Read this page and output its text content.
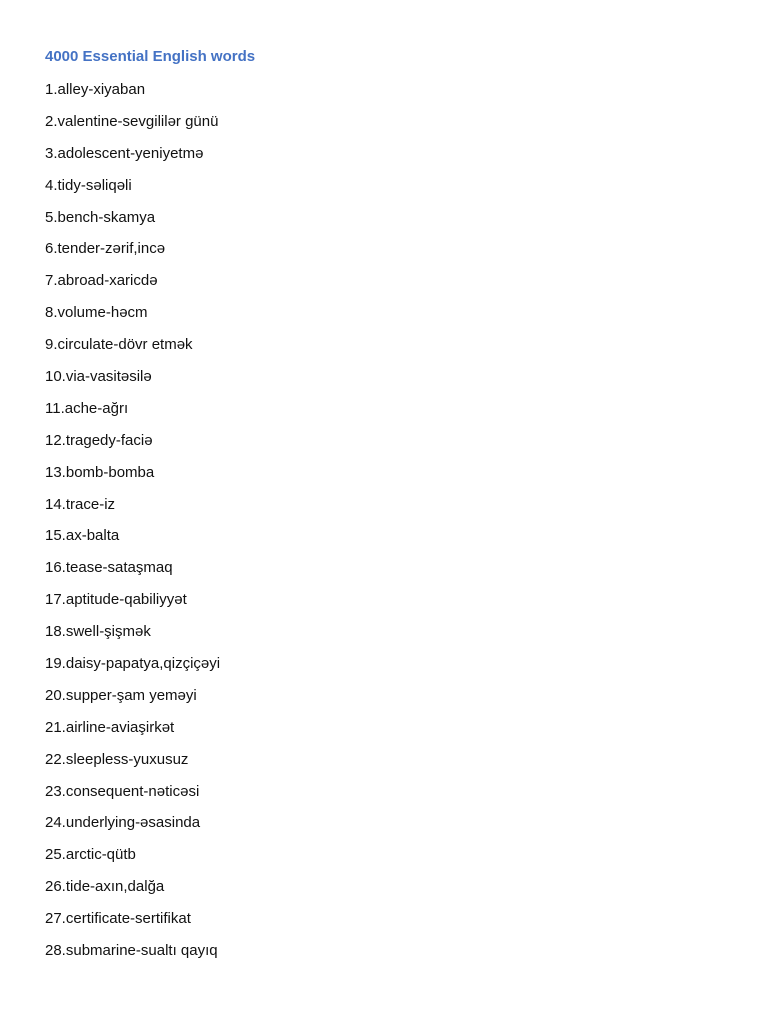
4000 Essential English words
1.alley-xiyaban
2.valentine-sevgililər günü
3.adolescent-yeniyetmə
4.tidy-səliqəli
5.bench-skamya
6.tender-zərif,incə
7.abroad-xaricdə
8.volume-həcm
9.circulate-dövr etmək
10.via-vasitəsilə
11.ache-ağrı
12.tragedy-faciə
13.bomb-bomba
14.trace-iz
15.ax-balta
16.tease-sataşmaq
17.aptitude-qabiliyyət
18.swell-şişmək
19.daisy-papatya,qizçiçəyi
20.supper-şam yeməyi
21.airline-aviaşirkət
22.sleepless-yuxusuz
23.consequent-nəticəsi
24.underlying-əsasinda
25.arctic-qütb
26.tide-axın,dalğa
27.certificate-sertifikat
28.submarine-sualtı qayıq
